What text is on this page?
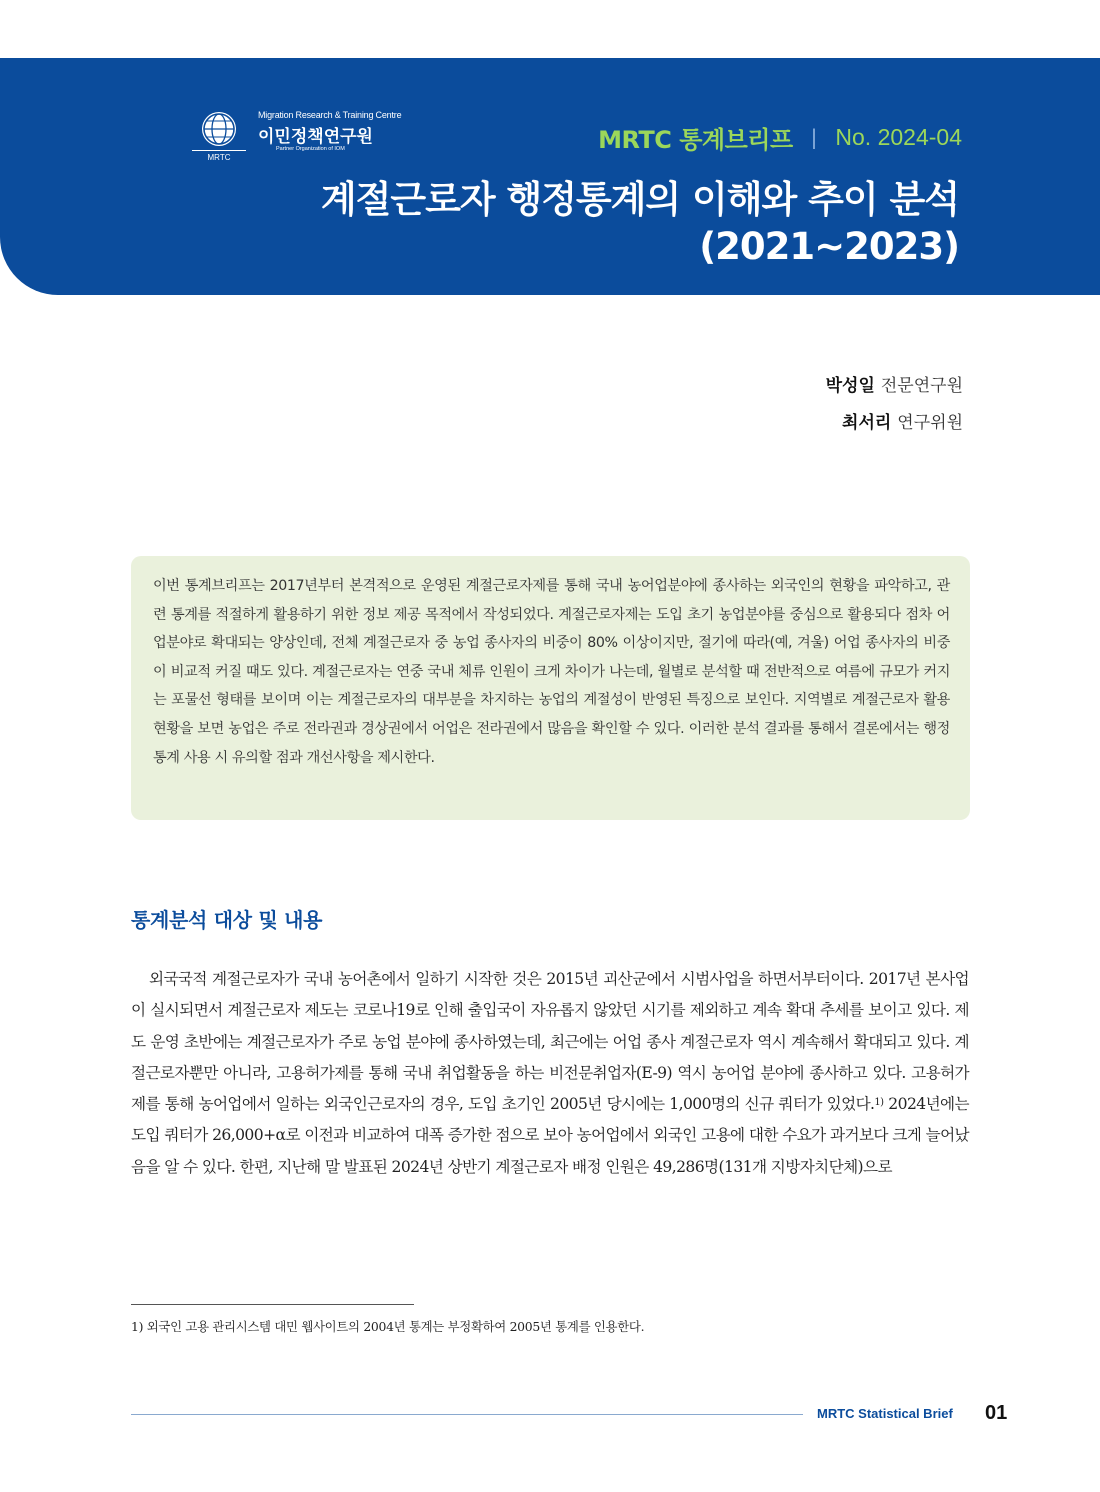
MRTC
Migration Research & Training Centre
이민정책연구원
Partner Organization of IOM	MRTC 통계브리프 | No. 2024-04
계절근로자 행정통계의 이해와 추이 분석
(2021~2023)
박성일 전문연구원
최서리 연구위원

이번 통계브리프는 2017년부터 본격적으로 운영된 계절근로자제를 통해 국내 농어업분야에 종사하는 외국인의 현황을 파악하고, 관련 통계를 적절하게 활용하기 위한 정보 제공 목적에서 작성되었다. 계절근로자제는 도입 초기 농업분야를 중심으로 활용되다 점차 어업분야로 확대되는 양상인데, 전체 계절근로자 중 농업 종사자의 비중이 80% 이상이지만, 절기에 따라(예, 겨울) 어업 종사자의 비중이 비교적 커질 때도 있다. 계절근로자는 연중 국내 체류 인원이 크게 차이가 나는데, 월별로 분석할 때 전반적으로 여름에 규모가 커지는 포물선 형태를 보이며 이는 계절근로자의 대부분을 차지하는 농업의 계절성이 반영된 특징으로 보인다. 지역별로 계절근로자 활용 현황을 보면 농업은 주로 전라권과 경상권에서 어업은 전라권에서 많음을 확인할 수 있다. 이러한 분석 결과를 통해서 결론에서는 행정통계 사용 시 유의할 점과 개선사항을 제시한다.

통계분석 대상 및 내용

외국국적 계절근로자가 국내 농어촌에서 일하기 시작한 것은 2015년 괴산군에서 시범사업을 하면서부터이다. 2017년 본사업이 실시되면서 계절근로자 제도는 코로나19로 인해 출입국이 자유롭지 않았던 시기를 제외하고 계속 확대 추세를 보이고 있다. 제도 운영 초반에는 계절근로자가 주로 농업 분야에 종사하였는데, 최근에는 어업 종사 계절근로자 역시 계속해서 확대되고 있다. 계절근로자뿐만 아니라, 고용허가제를 통해 국내 취업활동을 하는 비전문취업자(E-9) 역시 농어업 분야에 종사하고 있다. 고용허가제를 통해 농어업에서 일하는 외국인근로자의 경우, 도입 초기인 2005년 당시에는 1,000명의 신규 쿼터가 있었다.$^{1)}$ 2024년에는 도입 쿼터가 26,000+α로 이전과 비교하여 대폭 증가한 점으로 보아 농어업에서 외국인 고용에 대한 수요가 과거보다 크게 늘어났음을 알 수 있다. 한편, 지난해 말 발표된 2024년 상반기 계절근로자 배정 인원은 49,286명(131개 지방자치단체)으로

1) 외국인 고용 관리시스템 대민 웹사이트의 2004년 통계는 부정확하여 2005년 통계를 인용한다.
MRTC Statistical Brief 01
